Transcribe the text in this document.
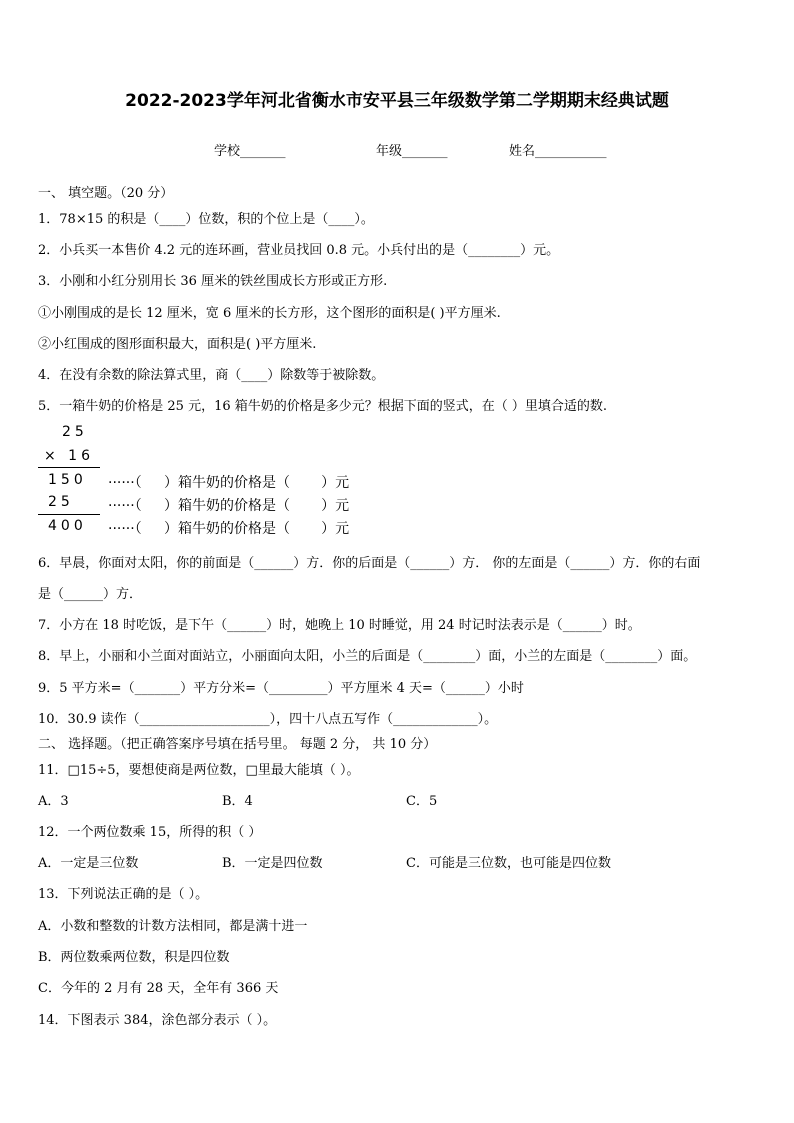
2022-2023学年河北省衡水市安平县三年级数学第二学期期末经典试题
学校_______	年级_______	姓名___________
一、 填空题。（20 分）
1．78×15 的积是（____）位数，积的个位上是（____）。
2．小兵买一本售价 4.2 元的连环画，营业员找回 0.8 元。小兵付出的是（________）元。
3．小刚和小红分别用长 36 厘米的铁丝围成长方形或正方形.
①小刚围成的是长 12 厘米，宽 6 厘米的长方形，这个图形的面积是( )平方厘米.
②小红围成的图形面积最大，面积是( )平方厘米.
4．在没有余数的除法算式里，商（____）除数等于被除数。
5．一箱牛奶的价格是 25 元，16 箱牛奶的价格是多少元？根据下面的竖式，在（ ）里填合适的数.
25
× 16
150
25
400
······（     ）箱牛奶的价格是（       ）元
······（     ）箱牛奶的价格是（       ）元
······（     ）箱牛奶的价格是（       ）元
6．早晨，你面对太阳，你的前面是（______）方．你的后面是（______）方． 你的左面是（______）方．你的右面
是（______）方．
7．小方在 18 时吃饭，是下午（______）时，她晚上 10 时睡觉，用 24 时记时法表示是（______）时。
8．早上，小丽和小兰面对面站立，小丽面向太阳，小兰的后面是（________）面，小兰的左面是（________）面。
9．5 平方米=（_______）平方分米=（_________）平方厘米 4 天=（______）小时
10．30.9 读作（____________________），四十八点五写作（_____________）。
二、 选择题。（把正确答案序号填在括号里。 每题 2 分， 共 10 分）
11．□15÷5，要想使商是两位数，□里最大能填（ ）。
A．3	B．4	C．5
12．一个两位数乘 15，所得的积（ ）
A．一定是三位数	B．一定是四位数	C．可能是三位数，也可能是四位数
13．下列说法正确的是（ ）。
A．小数和整数的计数方法相同，都是满十进一
B．两位数乘两位数，积是四位数
C．今年的 2 月有 28 天，全年有 366 天
14．下图表示 384，涂色部分表示（ ）。
